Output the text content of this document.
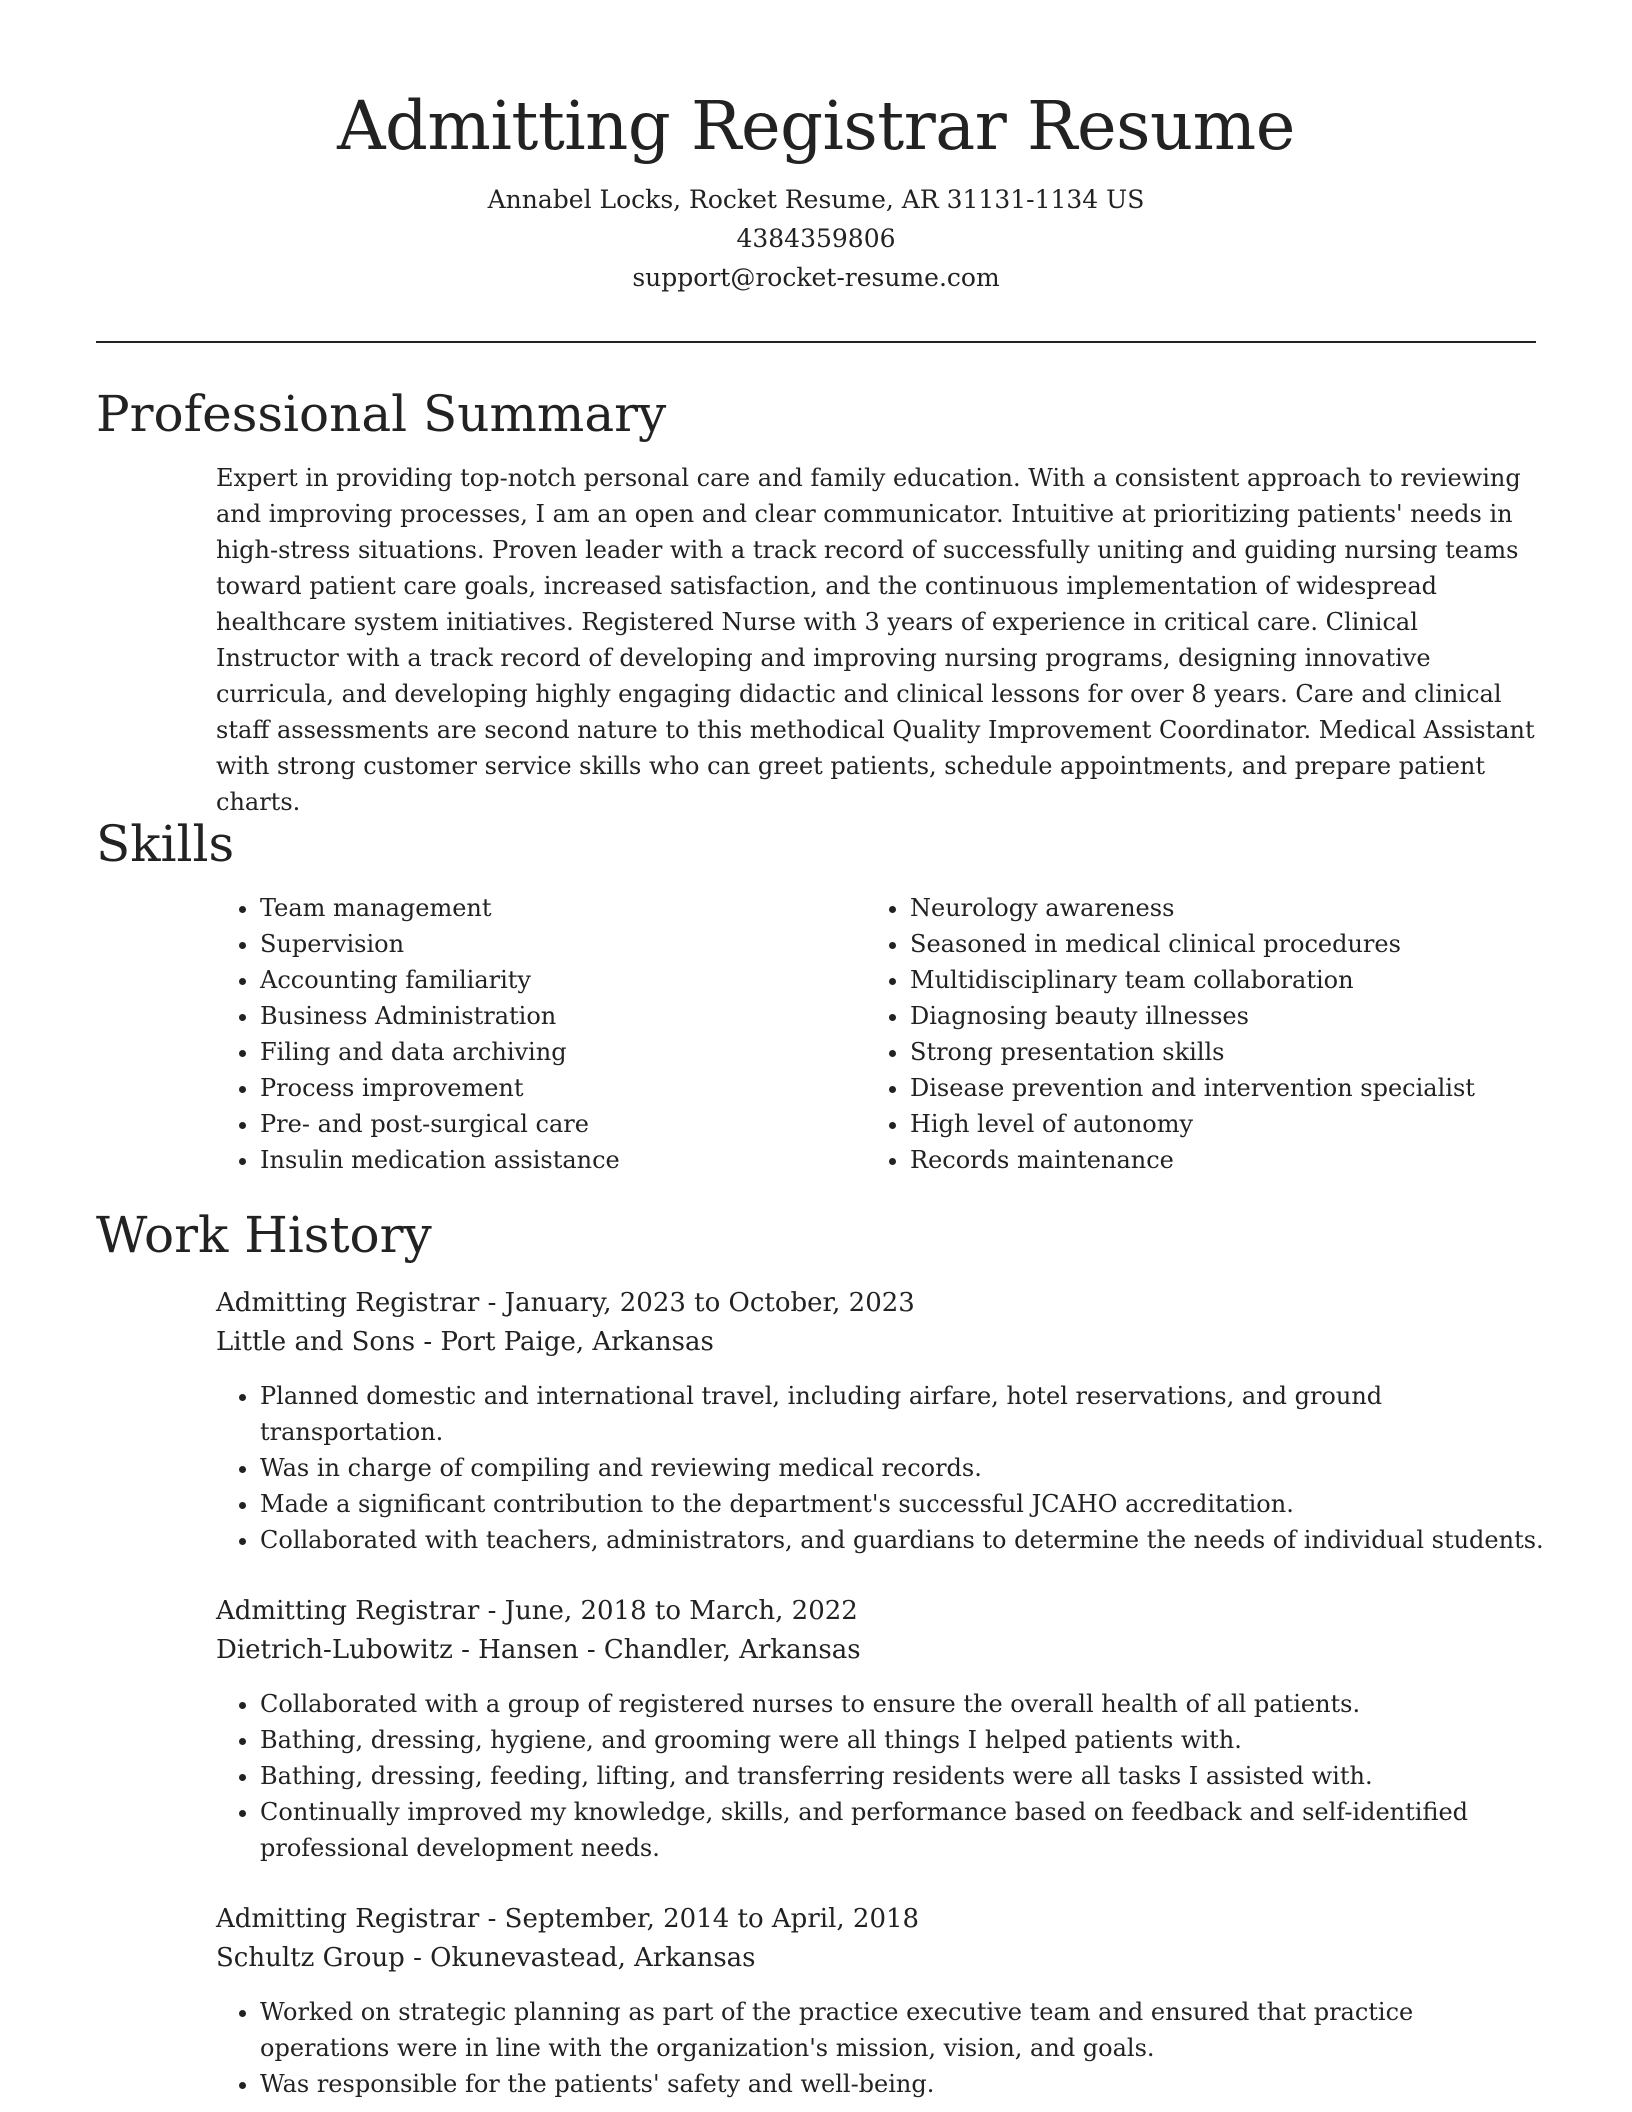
Admitting Registrar Resume

Annabel Locks, Rocket Resume, AR 31131-1134 US

4384359806

support@rocket-resume.com

Professional Summary

Expert in providing top-notch personal care and family education. With a consistent approach to reviewing and improving processes, I am an open and clear communicator. Intuitive at prioritizing patients' needs in high-stress situations. Proven leader with a track record of successfully uniting and guiding nursing teams toward patient care goals, increased satisfaction, and the continuous implementation of widespread healthcare system initiatives. Registered Nurse with 3 years of experience in critical care. Clinical Instructor with a track record of developing and improving nursing programs, designing innovative curricula, and developing highly engaging didactic and clinical lessons for over 8 years. Care and clinical staff assessments are second nature to this methodical Quality Improvement Coordinator. Medical Assistant with strong customer service skills who can greet patients, schedule appointments, and prepare patient charts.

Skills
• Team management
• Supervision
• Accounting familiarity
• Business Administration
• Filing and data archiving
• Process improvement
• Pre- and post-surgical care
• Insulin medication assistance
• Neurology awareness
• Seasoned in medical clinical procedures
• Multidisciplinary team collaboration
• Diagnosing beauty illnesses
• Strong presentation skills
• Disease prevention and intervention specialist
• High level of autonomy
• Records maintenance
Work History

Admitting Registrar - January, 2023 to October, 2023

Little and Sons - Port Paige, Arkansas

• Planned domestic and international travel, including airfare, hotel reservations, and ground transportation.
• Was in charge of compiling and reviewing medical records.
• Made a significant contribution to the department's successful JCAHO accreditation.
• Collaborated with teachers, administrators, and guardians to determine the needs of individual students.

Admitting Registrar - June, 2018 to March, 2022

Dietrich-Lubowitz - Hansen - Chandler, Arkansas

• Collaborated with a group of registered nurses to ensure the overall health of all patients.
• Bathing, dressing, hygiene, and grooming were all things I helped patients with.
• Bathing, dressing, feeding, lifting, and transferring residents were all tasks I assisted with.
• Continually improved my knowledge, skills, and performance based on feedback and self-identified professional development needs.

Admitting Registrar - September, 2014 to April, 2018

Schultz Group - Okunevastead, Arkansas

• Worked on strategic planning as part of the practice executive team and ensured that practice operations were in line with the organization's mission, vision, and goals.
• Was responsible for the patients' safety and well-being.
